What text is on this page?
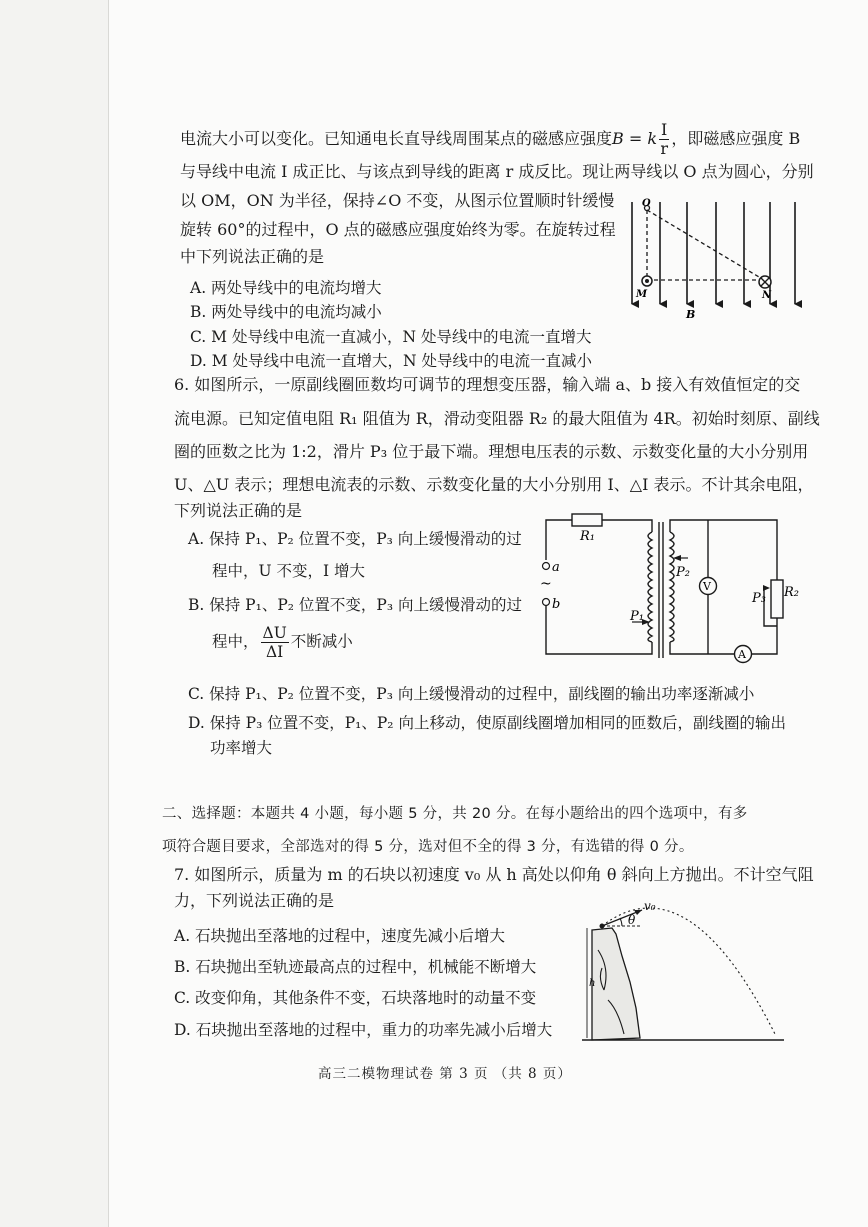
电流大小可以变化。已知通电长直导线周围某点的磁感应强度B = k $\frac{I}{r}$ ，即磁感应强度 B
与导线中电流 I 成正比、与该点到导线的距离 r 成反比。现让两导线以 O 点为圆心，分别
以 OM，ON 为半径，保持∠O 不变，从图示位置顺时针缓慢
旋转 60°的过程中，O 点的磁感应强度始终为零。在旋转过程
中下列说法正确的是
A. 两处导线中的电流均增大
B. 两处导线中的电流均减小
C. M 处导线中电流一直减小，N 处导线中的电流一直增大
D. M 处导线中电流一直增大，N 处导线中的电流一直减小
O
M	N
B
6. 如图所示，一原副线圈匝数均可调节的理想变压器，输入端 a、b 接入有效值恒定的交
流电源。已知定值电阻 R₁ 阻值为 R，滑动变阻器 R₂ 的最大阻值为 4R。初始时刻原、副线
圈的匝数之比为 1:2，滑片 P₃ 位于最下端。理想电压表的示数、示数变化量的大小分别用
U、△U 表示；理想电流表的示数、示数变化量的大小分别用 I、△I 表示。不计其余电阻，
下列说法正确的是
A. 保持 P₁、P₂ 位置不变，P₃ 向上缓慢滑动的过
程中，U 不变，I 增大
B. 保持 P₁、P₂ 位置不变，P₃ 向上缓慢滑动的过
程中， $\frac{\Delta U}{\Delta I}$ 不断减小
C. 保持 P₁、P₂ 位置不变，P₃ 向上缓慢滑动的过程中，副线圈的输出功率逐渐减小
D. 保持 P₃ 位置不变，P₁、P₂ 向上移动，使原副线圈增加相同的匝数后，副线圈的输出
功率增大
V
A
R₁
a
~
b
P₁
P₂
P₃ R₂
二、选择题：本题共 4 小题，每小题 5 分，共 20 分。在每小题给出的四个选项中，有多
项符合题目要求，全部选对的得 5 分，选对但不全的得 3 分，有选错的得 0 分。
7. 如图所示，质量为 m 的石块以初速度 v₀ 从 h 高处以仰角 θ 斜向上方抛出。不计空气阻
力，下列说法正确的是
A. 石块抛出至落地的过程中，速度先减小后增大
B. 石块抛出至轨迹最高点的过程中，机械能不断增大
C. 改变仰角，其他条件不变，石块落地时的动量不变
D. 石块抛出至落地的过程中，重力的功率先减小后增大
v₀
θ
h
高三二模物理试卷 第 3 页 （共 8 页）
